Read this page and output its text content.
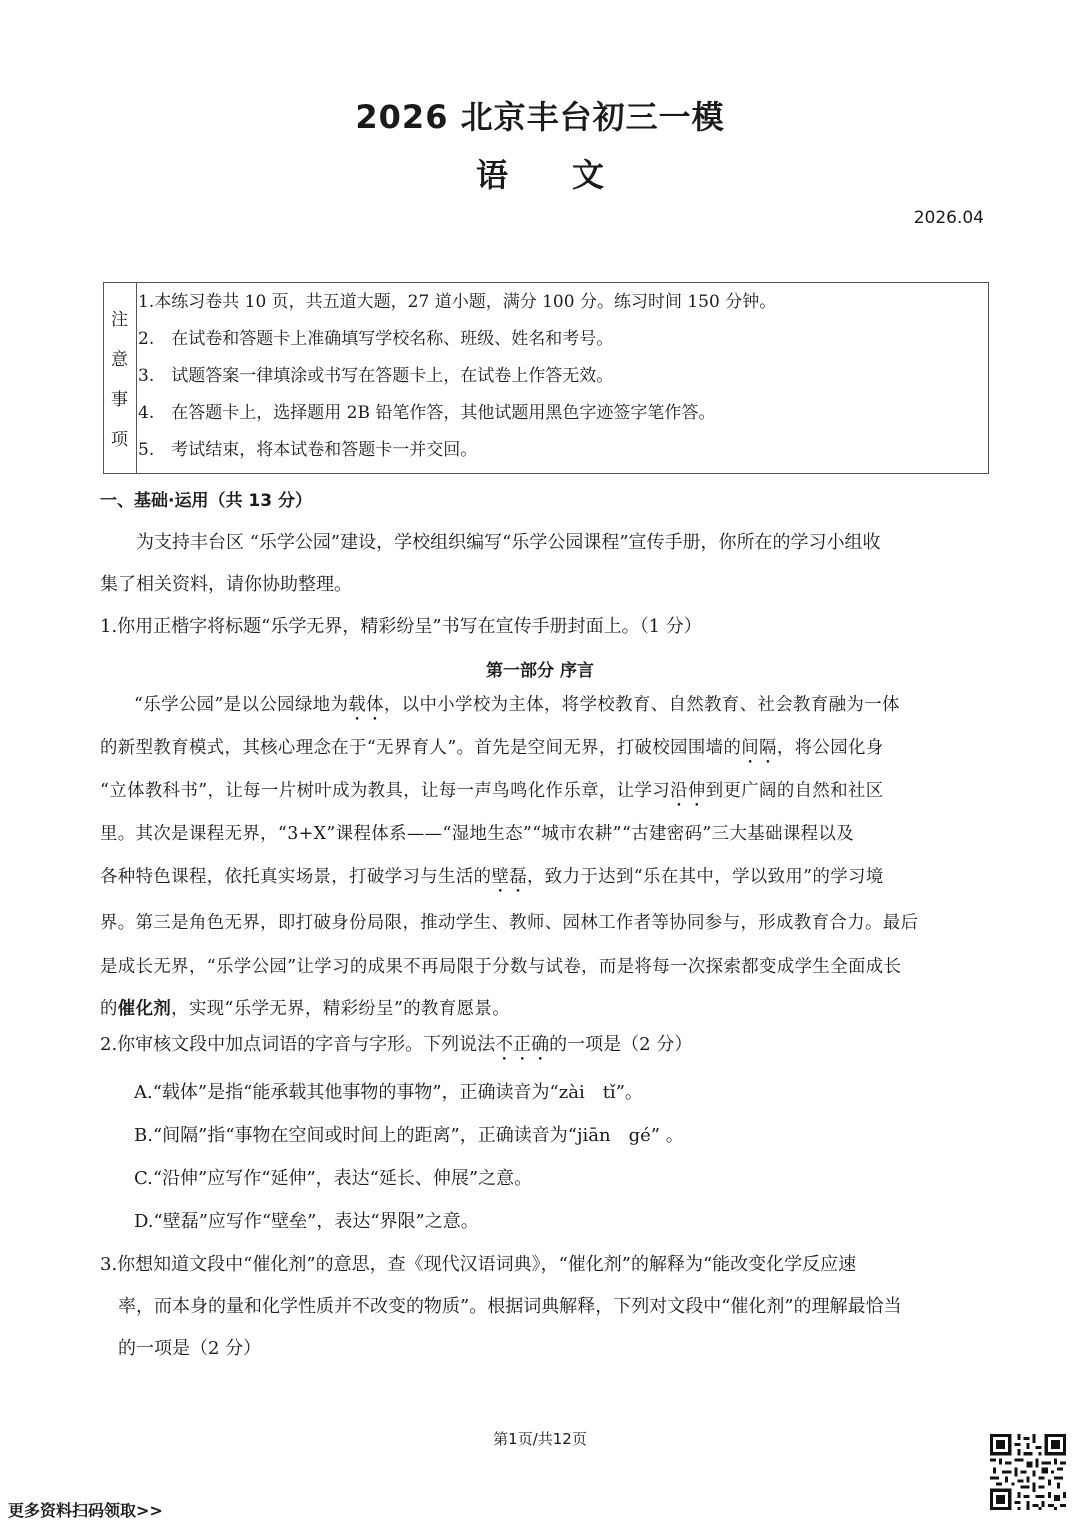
2026 北京丰台初三一模
语　　文
2026.04
注
意
事
项
1.本练习卷共 10 页，共五道大题，27 道小题，满分 100 分。练习时间 150 分钟。
2.　在试卷和答题卡上准确填写学校名称、班级、姓名和考号。
3.　试题答案一律填涂或书写在答题卡上，在试卷上作答无效。
4.　在答题卡上，选择题用 2B 铅笔作答，其他试题用黑色字迹签字笔作答。
5.　考试结束，将本试卷和答题卡一并交回。
一、基础·运用（共 13 分）
为支持丰台区 “乐学公园”建设，学校组织编写“乐学公园课程”宣传手册，你所在的学习小组收
集了相关资料，请你协助整理。
1.你用正楷字将标题“乐学无界，精彩纷呈”书写在宣传手册封面上。（1 分）
第一部分 序言
“乐学公园”是以公园绿地为载体，以中小学校为主体，将学校教育、自然教育、社会教育融为一体
的新型教育模式，其核心理念在于“无界育人”。首先是空间无界，打破校园围墙的间隔，将公园化身
“立体教科书”，让每一片树叶成为教具，让每一声鸟鸣化作乐章，让学习沿伸到更广阔的自然和社区
里。其次是课程无界，“3+X”课程体系——“湿地生态”“城市农耕”“古建密码”三大基础课程以及
各种特色课程，依托真实场景，打破学习与生活的壁磊，致力于达到“乐在其中，学以致用”的学习境
界。第三是角色无界，即打破身份局限，推动学生、教师、园林工作者等协同参与，形成教育合力。最后
是成长无界，“乐学公园”让学习的成果不再局限于分数与试卷，而是将每一次探索都变成学生全面成长
的催化剂，实现“乐学无界，精彩纷呈”的教育愿景。
2.你审核文段中加点词语的字音与字形。下列说法不正确的一项是（2 分）
A.“载体”是指“能承载其他事物的事物”，正确读音为“zài　tǐ”。
B.“间隔”指“事物在空间或时间上的距离”，正确读音为“jiān　gé” 。
C.“沿伸”应写作“延伸”，表达“延长、伸展”之意。
D.“壁磊”应写作“壁垒”，表达“界限”之意。
3.你想知道文段中“催化剂”的意思，查《现代汉语词典》，“催化剂”的解释为“能改变化学反应速
率，而本身的量和化学性质并不改变的物质”。根据词典解释，下列对文段中“催化剂”的理解最恰当
的一项是（2 分）
第1页/共12页
更多资料扫码领取>>
